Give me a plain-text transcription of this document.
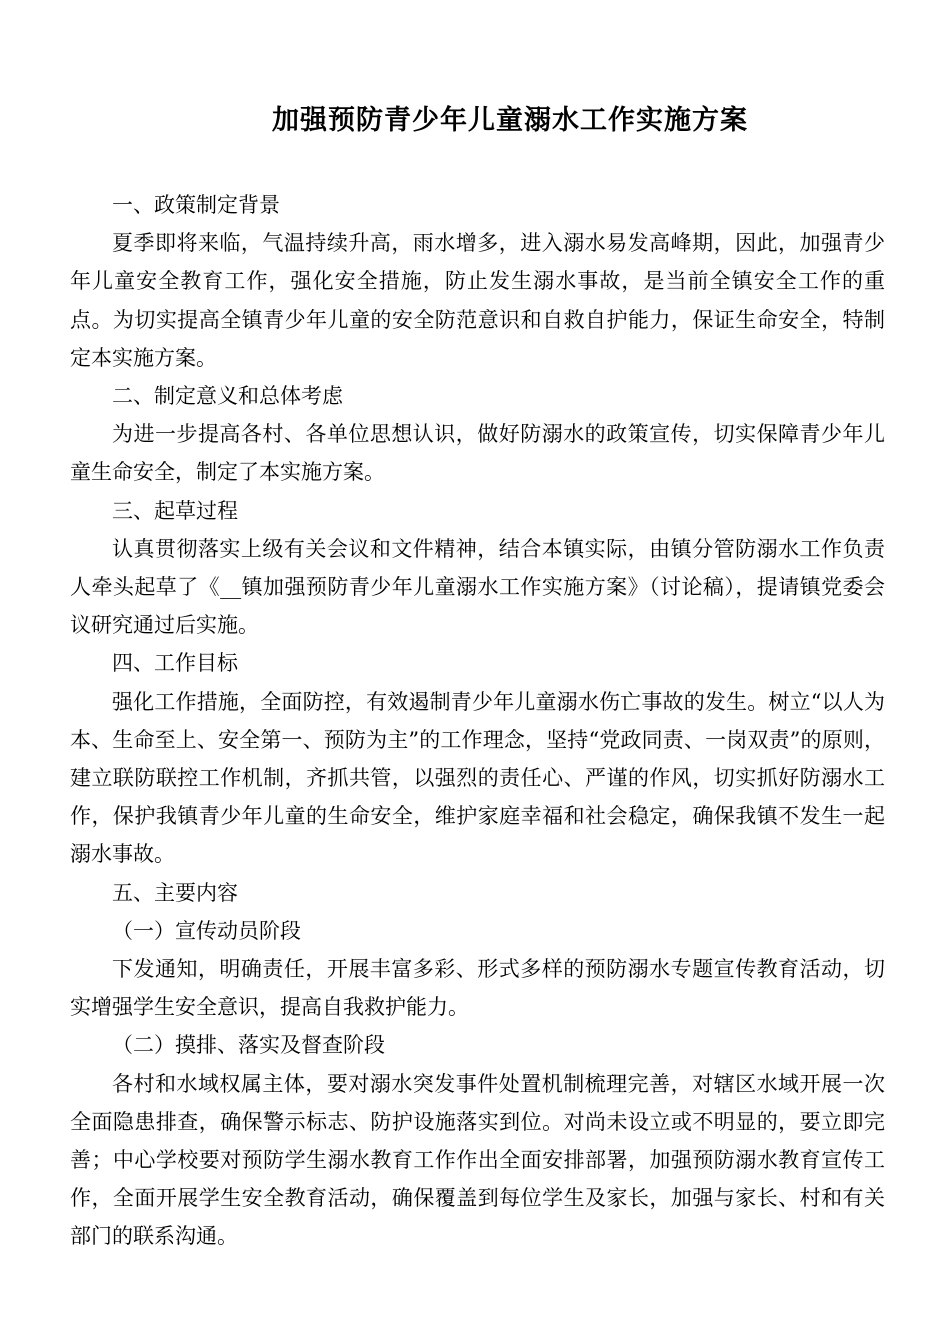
加强预防青少年儿童溺水工作实施方案
一、政策制定背景
夏季即将来临，气温持续升高，雨水增多，进入溺水易发高峰期，因此，加强青少年儿童安全教育工作，强化安全措施，防止发生溺水事故，是当前全镇安全工作的重点。为切实提高全镇青少年儿童的安全防范意识和自救自护能力，保证生命安全，特制定本实施方案。
二、制定意义和总体考虑
为进一步提高各村、各单位思想认识，做好防溺水的政策宣传，切实保障青少年儿童生命安全，制定了本实施方案。
三、起草过程
认真贯彻落实上级有关会议和文件精神，结合本镇实际，由镇分管防溺水工作负责人牵头起草了《__镇加强预防青少年儿童溺水工作实施方案》（讨论稿），提请镇党委会议研究通过后实施。
四、工作目标
强化工作措施，全面防控，有效遏制青少年儿童溺水伤亡事故的发生。树立“以人为本、生命至上、安全第一、预防为主”的工作理念，坚持“党政同责、一岗双责”的原则，建立联防联控工作机制，齐抓共管，以强烈的责任心、严谨的作风，切实抓好防溺水工作，保护我镇青少年儿童的生命安全，维护家庭幸福和社会稳定，确保我镇不发生一起溺水事故。
五、主要内容
（一）宣传动员阶段
下发通知，明确责任，开展丰富多彩、形式多样的预防溺水专题宣传教育活动，切实增强学生安全意识，提高自我救护能力。
（二）摸排、落实及督查阶段
各村和水域权属主体，要对溺水突发事件处置机制梳理完善，对辖区水域开展一次全面隐患排查，确保警示标志、防护设施落实到位。对尚未设立或不明显的，要立即完善；中心学校要对预防学生溺水教育工作作出全面安排部署，加强预防溺水教育宣传工作，全面开展学生安全教育活动，确保覆盖到每位学生及家长，加强与家长、村和有关部门的联系沟通。
